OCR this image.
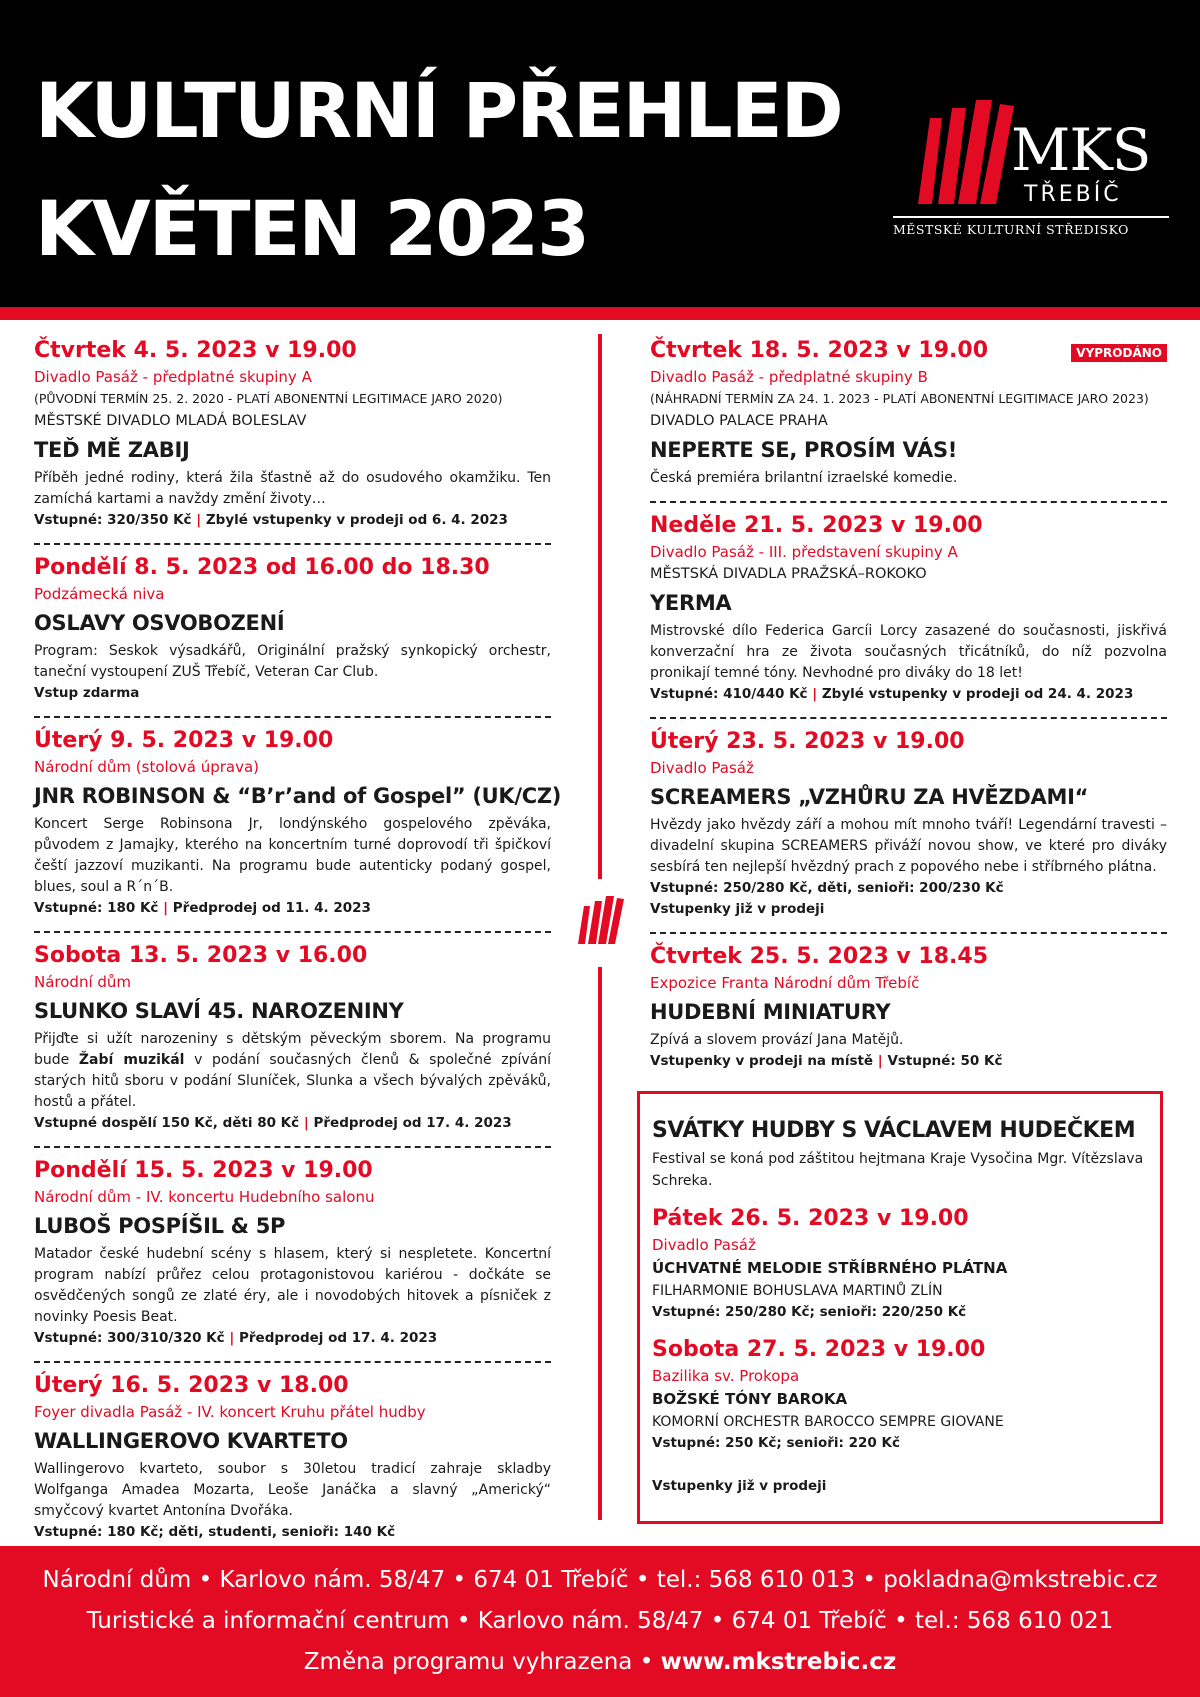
KULTURNÍ PŘEHLED
KVĚTEN 2023
MKS
TŘEBÍČ
MĚSTSKÉ KULTURNÍ STŘEDISKO
Čtvrtek 4. 5. 2023 v 19.00
Divadlo Pasáž - předplatné skupiny A
(PŮVODNÍ TERMÍN 25. 2. 2020 - PLATÍ ABONENTNÍ LEGITIMACE JARO 2020)
MĚSTSKÉ DIVADLO MLADÁ BOLESLAV
TEĎ MĚ ZABIJ
Příběh jedné rodiny, která žila šťastně až do osudového okamžiku. Ten zamíchá kartami a navždy změní životy…
Vstupné: 320/350 Kč | Zbylé vstupenky v prodeji od 6. 4. 2023
Pondělí 8. 5. 2023 od 16.00 do 18.30
Podzámecká niva
OSLAVY OSVOBOZENÍ
Program: Seskok výsadkářů, Originální pražský synkopický orchestr, taneční vystoupení ZUŠ Třebíč, Veteran Car Club.
Vstup zdarma
Úterý 9. 5. 2023 v 19.00
Národní dům (stolová úprava)
JNR ROBINSON & “B’r’and of Gospel” (UK/CZ)
Koncert Serge Robinsona Jr, londýnského gospelového zpěváka, původem z Jamajky, kterého na koncertním turné doprovodí tři špičkoví čeští jazzoví muzikanti. Na programu bude autenticky podaný gospel, blues, soul a R´n´B.
Vstupné: 180 Kč | Předprodej od 11. 4. 2023
Sobota 13. 5. 2023 v 16.00
Národní dům
SLUNKO SLAVÍ 45. NAROZENINY
Přijďte si užít narozeniny s dětským pěveckým sborem. Na programu bude Žabí muzikál v podání současných členů & společné zpívání starých hitů sboru v podání Sluníček, Slunka a všech bývalých zpěváků, hostů a přátel.
Vstupné dospělí 150 Kč, děti 80 Kč | Předprodej od 17. 4. 2023
Pondělí 15. 5. 2023 v 19.00
Národní dům - IV. koncertu Hudebního salonu
LUBOŠ POSPÍŠIL & 5P
Matador české hudební scény s hlasem, který si nespletete. Koncertní program nabízí průřez celou protagonistovou kariérou - dočkáte se osvědčených songů ze zlaté éry, ale i novodobých hitovek a písniček z novinky Poesis Beat.
Vstupné: 300/310/320 Kč | Předprodej od 17. 4. 2023
Úterý 16. 5. 2023 v 18.00
Foyer divadla Pasáž - IV. koncert Kruhu přátel hudby
WALLINGEROVO KVARTETO
Wallingerovo kvarteto, soubor s 30letou tradicí zahraje skladby Wolfganga Amadea Mozarta, Leoše Janáčka a slavný „Americký“ smyčcový kvartet Antonína Dvořáka.
Vstupné: 180 Kč; děti, studenti, senioři: 140 Kč
Čtvrtek 18. 5. 2023 v 19.00	VYPRODÁNO
Divadlo Pasáž - předplatné skupiny B
(NÁHRADNÍ TERMÍN ZA 24. 1. 2023 - PLATÍ ABONENTNÍ LEGITIMACE JARO 2023)
DIVADLO PALACE PRAHA
NEPERTE SE, PROSÍM VÁS!
Česká premiéra brilantní izraelské komedie.
Neděle 21. 5. 2023 v 19.00
Divadlo Pasáž - III. představení skupiny A
MĚSTSKÁ DIVADLA PRAŽSKÁ–ROKOKO
YERMA
Mistrovské dílo Federica Garcíi Lorcy zasazené do současnosti, jiskřivá konverzační hra ze života současných třicátníků, do níž pozvolna pronikají temné tóny. Nevhodné pro diváky do 18 let!
Vstupné: 410/440 Kč | Zbylé vstupenky v prodeji od 24. 4. 2023
Úterý 23. 5. 2023 v 19.00
Divadlo Pasáž
SCREAMERS „VZHŮRU ZA HVĚZDAMI“
Hvězdy jako hvězdy září a mohou mít mnoho tváří! Legendární travesti – divadelní skupina SCREAMERS přiváží novou show, ve které pro diváky sesbírá ten nejlepší hvězdný prach z popového nebe i stříbrného plátna.
Vstupné: 250/280 Kč, děti, senioři: 200/230 Kč
Vstupenky již v prodeji
Čtvrtek 25. 5. 2023 v 18.45
Expozice Franta Národní dům Třebíč
HUDEBNÍ MINIATURY
Zpívá a slovem provází Jana Matějů.
Vstupenky v prodeji na místě | Vstupné: 50 Kč
SVÁTKY HUDBY S VÁCLAVEM HUDEČKEM
Festival se koná pod záštitou hejtmana Kraje Vysočina Mgr. Vítězslava Schreka.
Pátek 26. 5. 2023 v 19.00
Divadlo Pasáž
ÚCHVATNÉ MELODIE STŘÍBRNÉHO PLÁTNA
FILHARMONIE BOHUSLAVA MARTINŮ ZLÍN
Vstupné: 250/280 Kč; senioři: 220/250 Kč
Sobota 27. 5. 2023 v 19.00
Bazilika sv. Prokopa
BOŽSKÉ TÓNY BAROKA
KOMORNÍ ORCHESTR BAROCCO SEMPRE GIOVANE
Vstupné: 250 Kč; senioři: 220 Kč
Vstupenky již v prodeji
Národní dům • Karlovo nám. 58/47 • 674 01 Třebíč • tel.: 568 610 013 • pokladna@mkstrebic.cz
Turistické a informační centrum • Karlovo nám. 58/47 • 674 01 Třebíč • tel.: 568 610 021
Změna programu vyhrazena • www.mkstrebic.cz
